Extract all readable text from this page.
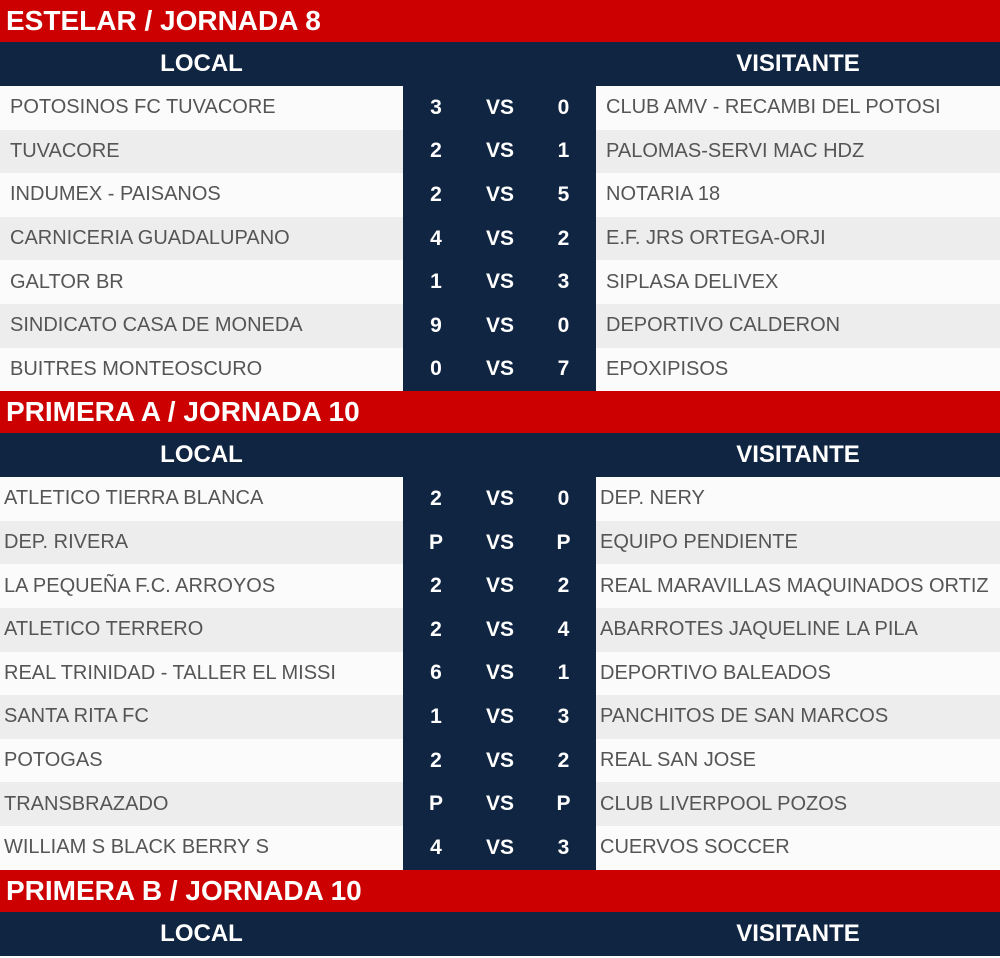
ESTELAR / JORNADA 8
LOCAL	VISITANTE
POTOSINOS FC TUVACORE	3	VS	0	CLUB AMV - RECAMBI DEL POTOSI
TUVACORE	2	VS	1	PALOMAS-SERVI MAC HDZ
INDUMEX - PAISANOS	2	VS	5	NOTARIA 18
CARNICERIA GUADALUPANO	4	VS	2	E.F. JRS ORTEGA-ORJI
GALTOR BR	1	VS	3	SIPLASA DELIVEX
SINDICATO CASA DE MONEDA	9	VS	0	DEPORTIVO CALDERON
BUITRES MONTEOSCURO	0	VS	7	EPOXIPISOS
PRIMERA A / JORNADA 10
LOCAL	VISITANTE
ATLETICO TIERRA BLANCA	2	VS	0	DEP. NERY
DEP. RIVERA	P	VS	P	EQUIPO PENDIENTE
LA PEQUEÑA F.C. ARROYOS	2	VS	2	REAL MARAVILLAS MAQUINADOS ORTIZ
ATLETICO TERRERO	2	VS	4	ABARROTES JAQUELINE LA PILA
REAL TRINIDAD - TALLER EL MISSI	6	VS	1	DEPORTIVO BALEADOS
SANTA RITA FC	1	VS	3	PANCHITOS DE SAN MARCOS
POTOGAS	2	VS	2	REAL SAN JOSE
TRANSBRAZADO	P	VS	P	CLUB LIVERPOOL POZOS
WILLIAM S BLACK BERRY S	4	VS	3	CUERVOS SOCCER
PRIMERA B / JORNADA 10
LOCAL	VISITANTE
